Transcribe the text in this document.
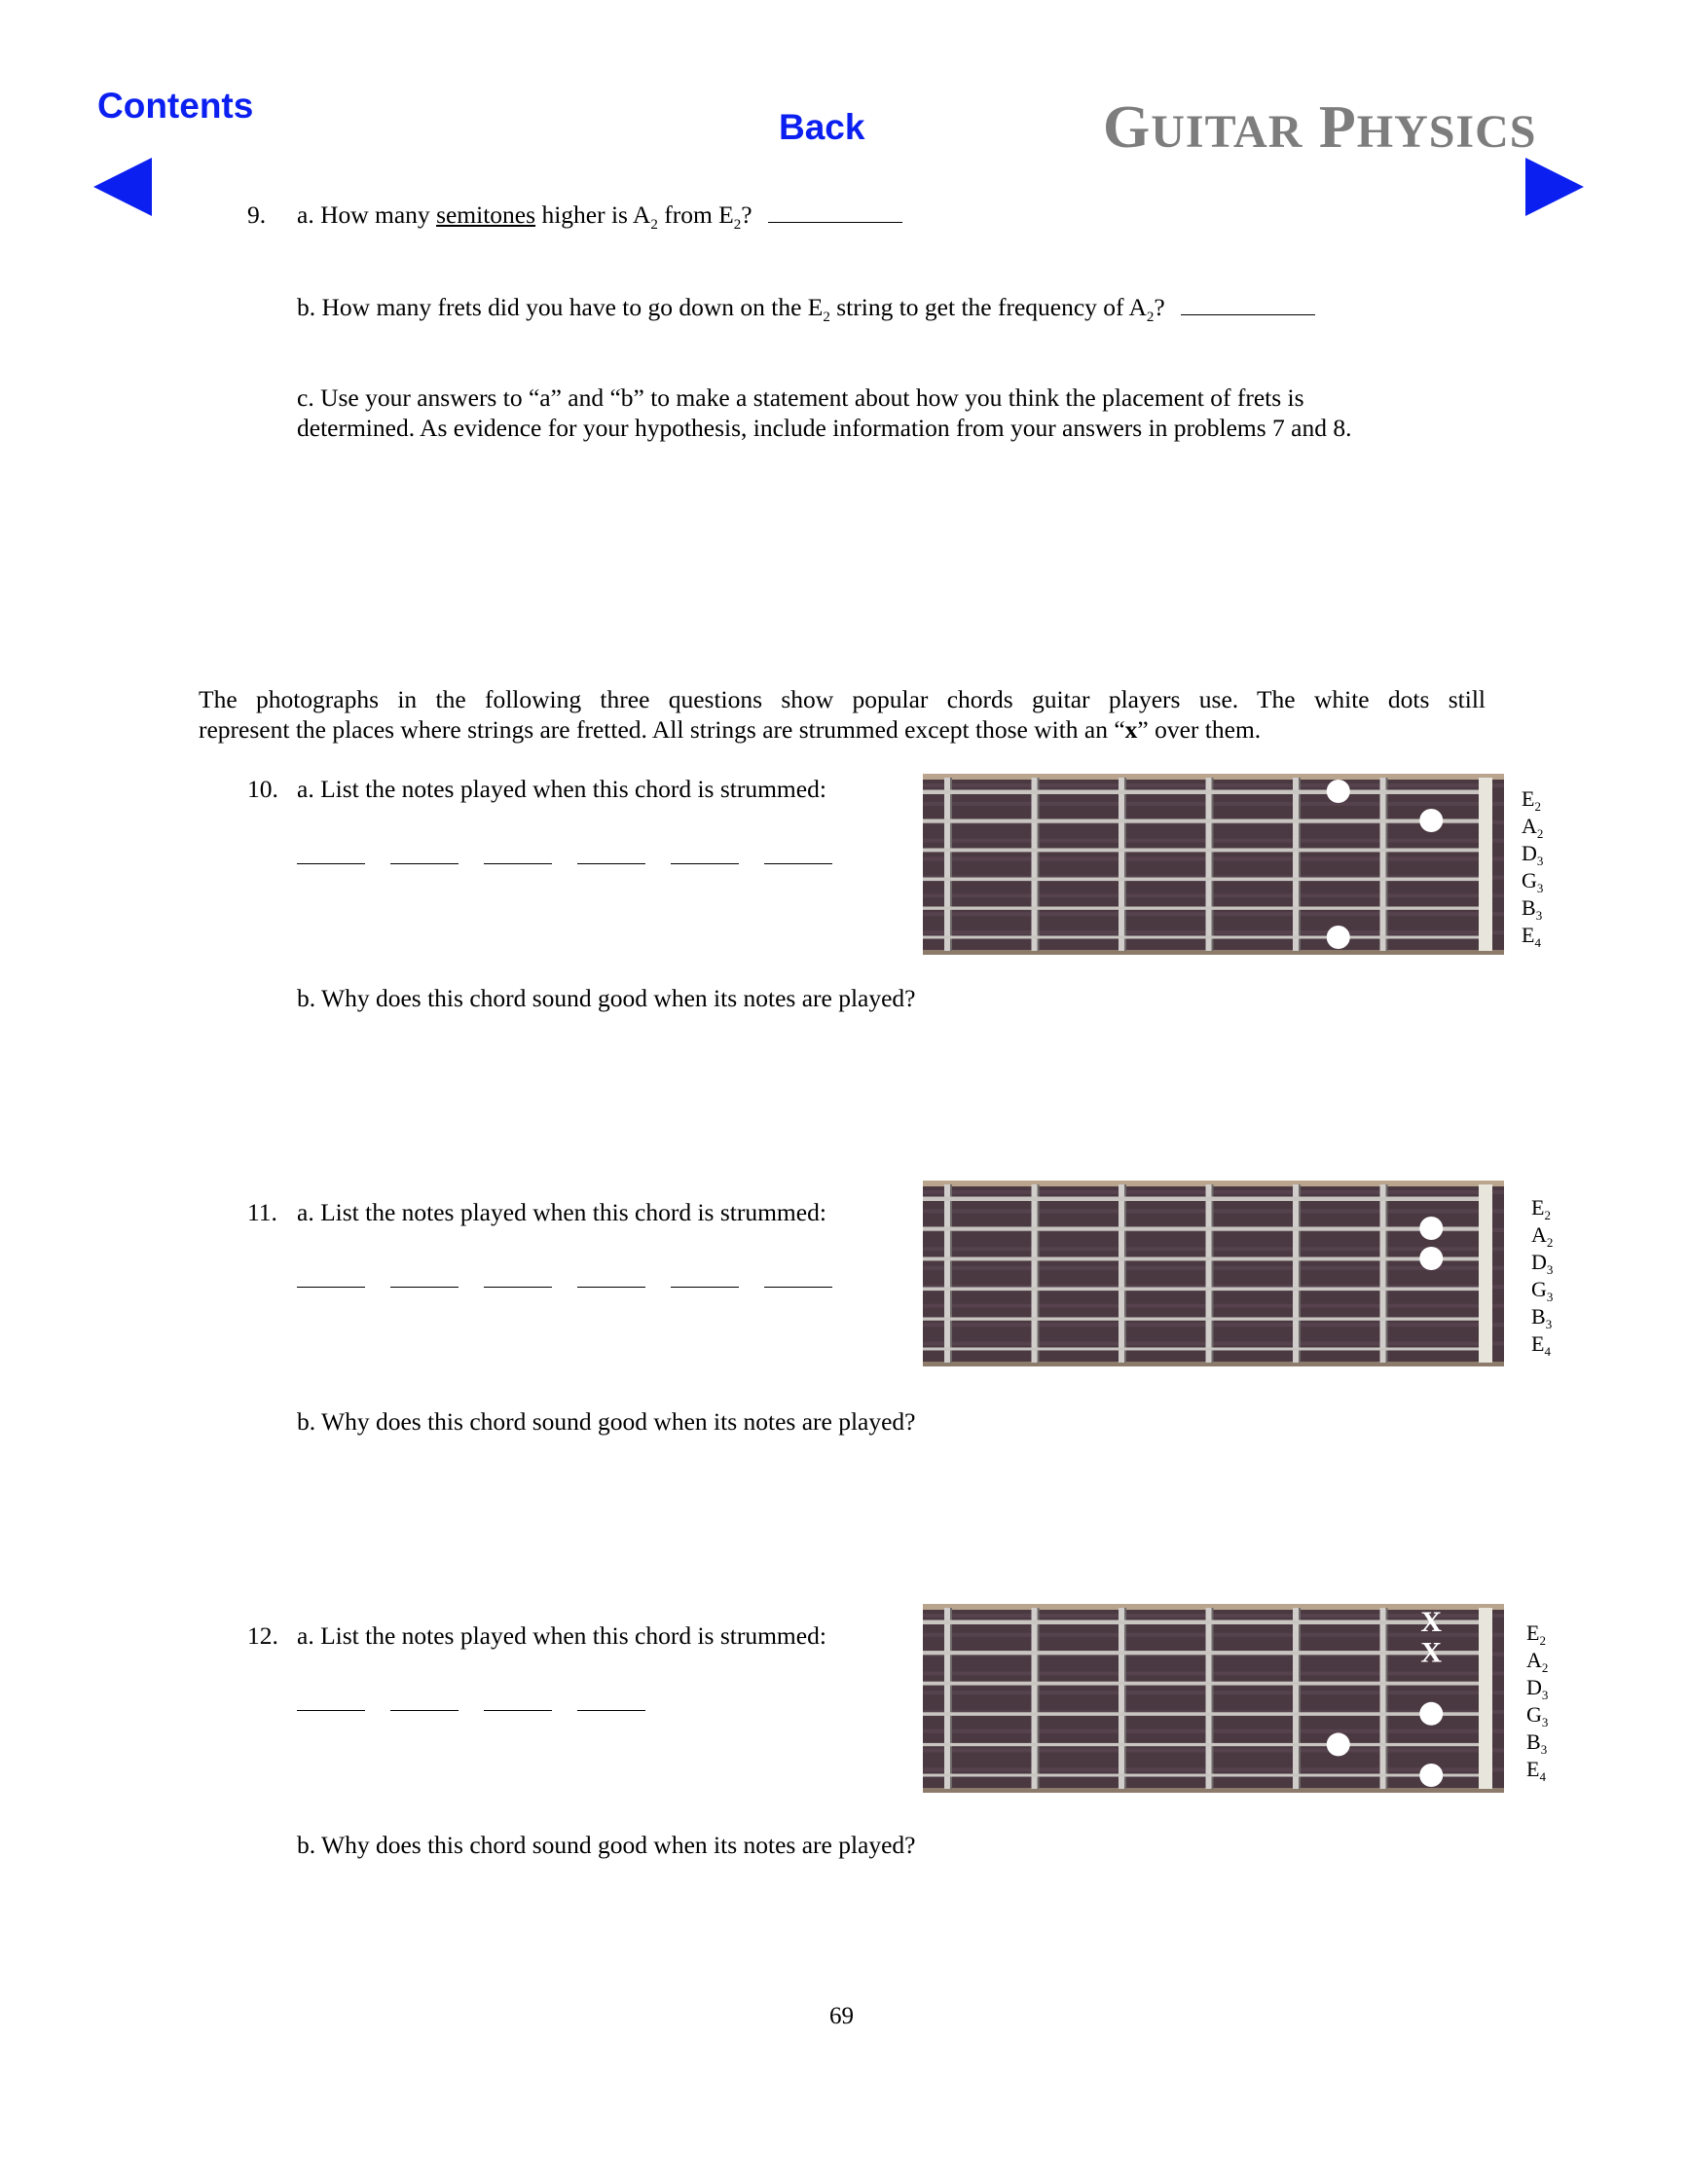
Contents
Back	GUITAR PHYSICS
9. a. How many semitones higher is $A_2$ from $E_2$?
b. How many frets did you have to go down on the $E_2$ string to get the frequency of $A_2$?
c. Use your answers to “a” and “b” to make a statement about how you think the placement of frets is
determined. As evidence for your hypothesis, include information from your answers in problems 7 and 8.
The photographs in the following three questions show popular chords guitar players use. The white dots still
represent the places where strings are fretted. All strings are strummed except those with an “x” over them.
10. a. List the notes played when this chord is strummed:
b. Why does this chord sound good when its notes are played?
$E_2$
$A_2$
$D_3$
$G_3$
$B_3$
$E_4$
11. a. List the notes played when this chord is strummed:
b. Why does this chord sound good when its notes are played?
$E_2$
$A_2$
$D_3$
$G_3$
$B_3$
$E_4$
12. a. List the notes played when this chord is strummed:
b. Why does this chord sound good when its notes are played?
X
X
$E_2$
$A_2$
$D_3$
$G_3$
$B_3$
$E_4$
69
